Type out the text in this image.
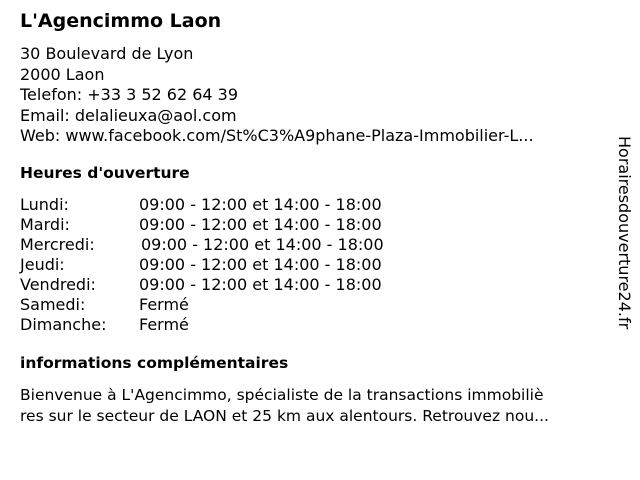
L'Agencimmo Laon
30 Boulevard de Lyon
2000 Laon
Telefon: +33 3 52 62 64 39
Email: delalieuxa@aol.com
Web: www.facebook.com/St%C3%A9phane-Plaza-Immobilier-L...
Heures d'ouverture
Lundi:	09:00 - 12:00 et 14:00 - 18:00
Mardi:	09:00 - 12:00 et 14:00 - 18:00
Mercredi:	09:00 - 12:00 et 14:00 - 18:00
Jeudi:	09:00 - 12:00 et 14:00 - 18:00
Vendredi:	09:00 - 12:00 et 14:00 - 18:00
Samedi:	Fermé
Dimanche: Fermé
informations complémentaires
Bienvenue à L'Agencimmo, spécialiste de la transactions immobiliè
res sur le secteur de LAON et 25 km aux alentours. Retrouvez nou...
Horairesdouverture24.fr
